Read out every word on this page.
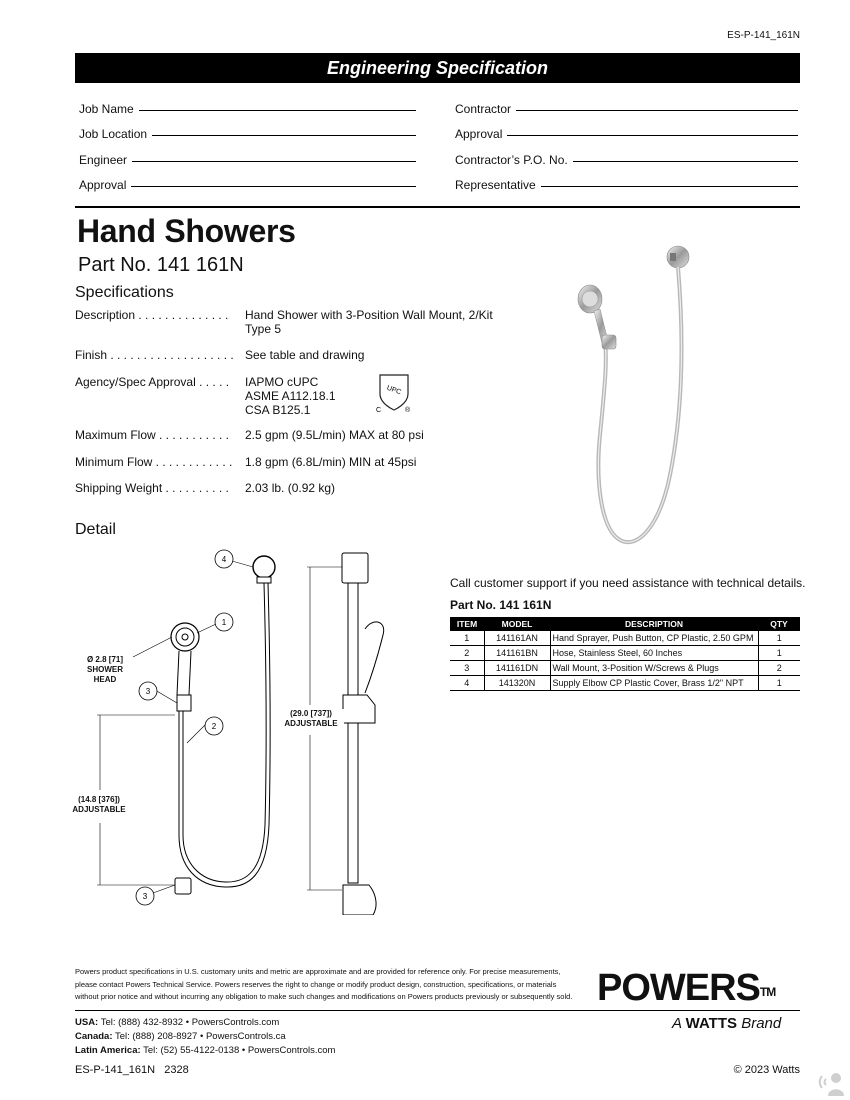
ES-P-141_161N
Engineering Specification
Job Name
Job Location
Engineer
Approval
Contractor
Approval
Contractor’s P.O. No.
Representative
Hand Showers
Part No. 141 161N
Specifications
Description . . . . . . . . . . . . . .	Hand Shower with 3-Position Wall Mount, 2/Kit Type 5
Finish . . . . . . . . . . . . . . . . . . . See table and drawing
Agency/Spec Approval . . . . .	IAPMO cUPC
ASME A112.18.1
CSA B125.1
UPC
C	®
Maximum Flow . . . . . . . . . . .	2.5 gpm (9.5L/min) MAX at 80 psi
Minimum Flow . . . . . . . . . . . .	1.8 gpm (6.8L/min) MIN at 45psi
Shipping Weight . . . . . . . . . .	2.03 lb. (0.92 kg)
Detail
4
1
3
2
3
Ø 2.8 [71]
SHOWER
HEAD
(14.8 [376])
ADJUSTABLE
(29.0 [737])
ADJUSTABLE
Call customer support if you need assistance with technical details.
Part No. 141 161N
ITEM	MODEL	DESCRIPTION	QTY
1	141161AN	Hand Sprayer, Push Button, CP Plastic, 2.50 GPM	1
2	141161BN	Hose, Stainless Steel, 60 Inches	1
3	141161DN	Wall Mount, 3-Position W/Screws & Plugs	2
4	141320N	Supply Elbow CP Plastic Cover, Brass 1/2" NPT	1
Powers product specifications in U.S. customary units and metric are approximate and are provided for reference only. For precise measurements, please contact Powers Technical Service. Powers reserves the right to change or modify product design, construction, specifications, or materials without prior notice and without incurring any obligation to make such changes and modifications on Powers products previously or subsequently sold. POWERS™
A WATTS Brand
USA: Tel: (888) 432-8932 • PowersControls.com
Canada: Tel: (888) 208-8927 • PowersControls.ca
Latin America: Tel: (52) 55-4122-0138 • PowersControls.com
ES-P-141_161N   2328	© 2023 Watts
